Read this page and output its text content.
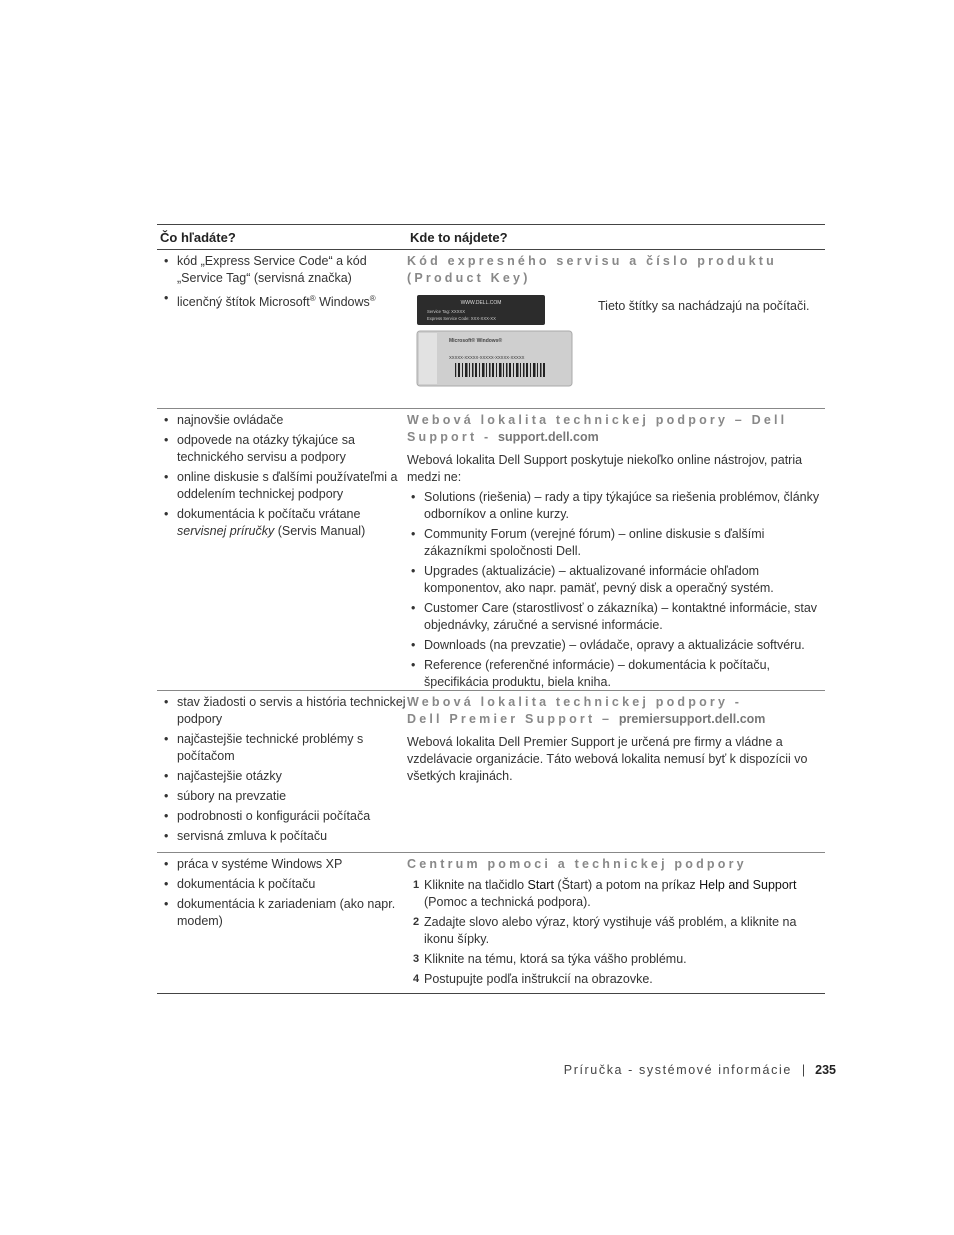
Čo hľadáte?	Kde to nájdete?
• kód „Express Service Code“ a kód „Service Tag“ (servisná značka)
• licenčný štítok Microsoft® Windows®
Kód expresného servisu a číslo produktu (Product Key)
WWW.DELL.COM
Service Tag: XXXXX
Express Service Code: XXX-XXX-XX
Microsoft® Windows®
XXXXX-XXXXX-XXXXX-XXXXX-XXXXX
Tieto štítky sa nachádzajú na počítači.
• najnovšie ovládače
• odpovede na otázky týkajúce sa technického servisu a podpory
• online diskusie s ďalšími používateľmi a oddelením technickej podpory
• dokumentácia k počítaču vrátane servisnej príručky (Servis Manual)
Webová lokalita technickej podpory – Dell Support - support.dell.com

Webová lokalita Dell Support poskytuje niekoľko online nástrojov, patria medzi ne:

• Solutions (riešenia) – rady a tipy týkajúce sa riešenia problémov, články odborníkov a online kurzy.
• Community Forum (verejné fórum) – online diskusie s ďalšími zákazníkmi spoločnosti Dell.
• Upgrades (aktualizácie) – aktualizované informácie ohľadom komponentov, ako napr. pamäť, pevný disk a operačný systém.
• Customer Care (starostlivosť o zákazníka) – kontaktné informácie, stav objednávky, záručné a servisné informácie.
• Downloads (na prevzatie) – ovládače, opravy a aktualizácie softvéru.
• Reference (referenčné informácie) – dokumentácia k počítaču, špecifikácia produktu, biela kniha.
• stav žiadosti o servis a história technickej podpory
• najčastejšie technické problémy s počítačom
• najčastejšie otázky
• súbory na prevzatie
• podrobnosti o konfigurácii počítača
• servisná zmluva k počítaču
Webová lokalita technickej podpory -
Dell Premier Support – premiersupport.dell.com

Webová lokalita Dell Premier Support je určená pre firmy a vládne a vzdelávacie organizácie. Táto webová lokalita nemusí byť k dispozícii vo všetkých krajinách.

• práca v systéme Windows XP
• dokumentácia k počítaču
• dokumentácia k zariadeniam (ako napr. modem)
Centrum pomoci a technickej podpory
1 Kliknite na tlačidlo Start (Štart) a potom na príkaz Help and Support (Pomoc a technická podpora).
2 Zadajte slovo alebo výraz, ktorý vystihuje váš problém, a kliknite na ikonu šípky.
3 Kliknite na tému, ktorá sa týka vášho problému.
4 Postupujte podľa inštrukcií na obrazovke.
Príručka - systémové informácie | 235
